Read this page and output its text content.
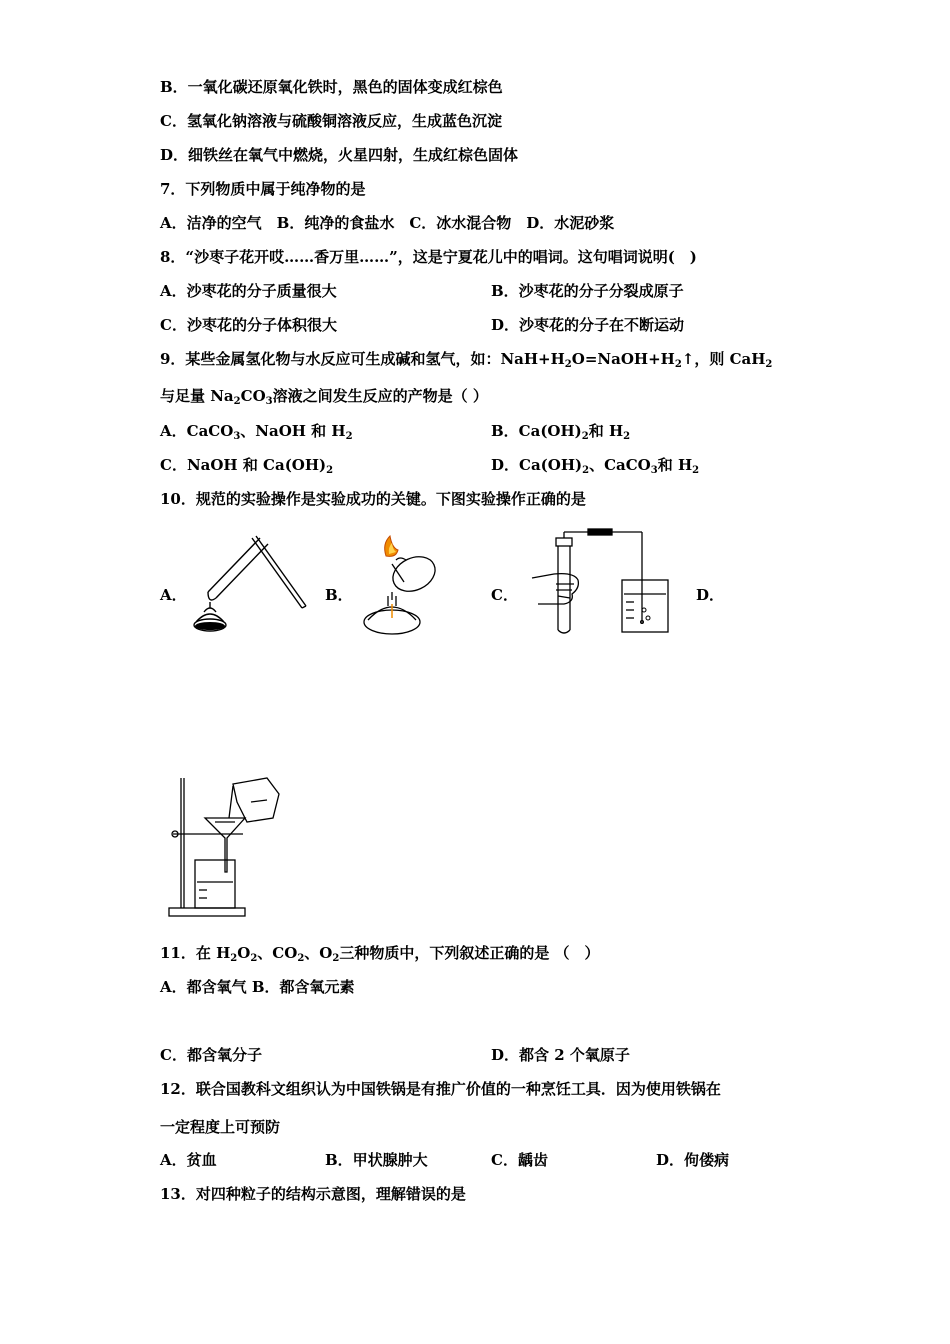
B．一氧化碳还原氧化铁时，黑色的固体变成红棕色
C．氢氧化钠溶液与硫酸铜溶液反应，生成蓝色沉淀
D．细铁丝在氧气中燃烧，火星四射，生成红棕色固体
7．下列物质中属于纯净物的是
A．洁净的空气　B．纯净的食盐水　C．冰水混合物　D．水泥砂浆
8．“沙枣子花开哎……香万里……”，这是宁夏花儿中的唱词。这句唱词说明(　)
A．沙枣花的分子质量很大	B．沙枣花的分子分裂成原子
C．沙枣花的分子体积很大	D．沙枣花的分子在不断运动
9．某些金属氢化物与水反应可生成碱和氢气，如：$NaH+H_2O=NaOH+H_2↑$，则 CaH$_2$
与足量 $Na_2CO_3$溶液之间发生反应的产物是（ ）
A．CaCO$_3$、NaOH 和 $H_2$	B．$Ca(OH)_2$和 $H_2$
C．NaOH 和 $Ca(OH)_2$	D．$Ca(OH)_2$、CaCO$_3$和 $H_2$
10．规范的实验操作是实验成功的关键。下图实验操作正确的是
A．	B．	C．	D．
11．在 $H_2O_2$、$CO_2$、$O_2$三种物质中，下列叙述正确的是 （　）
A．都含氧气 B．都含氧元素
C．都含氧分子	D．都含 2 个氧原子
12．联合国教科文组织认为中国铁锅是有推广价值的一种烹饪工具．因为使用铁锅在
一定程度上可预防
A．贫血	B．甲状腺肿大	C．龋齿	D．佝偻病
13．对四种粒子的结构示意图，理解错误的是
